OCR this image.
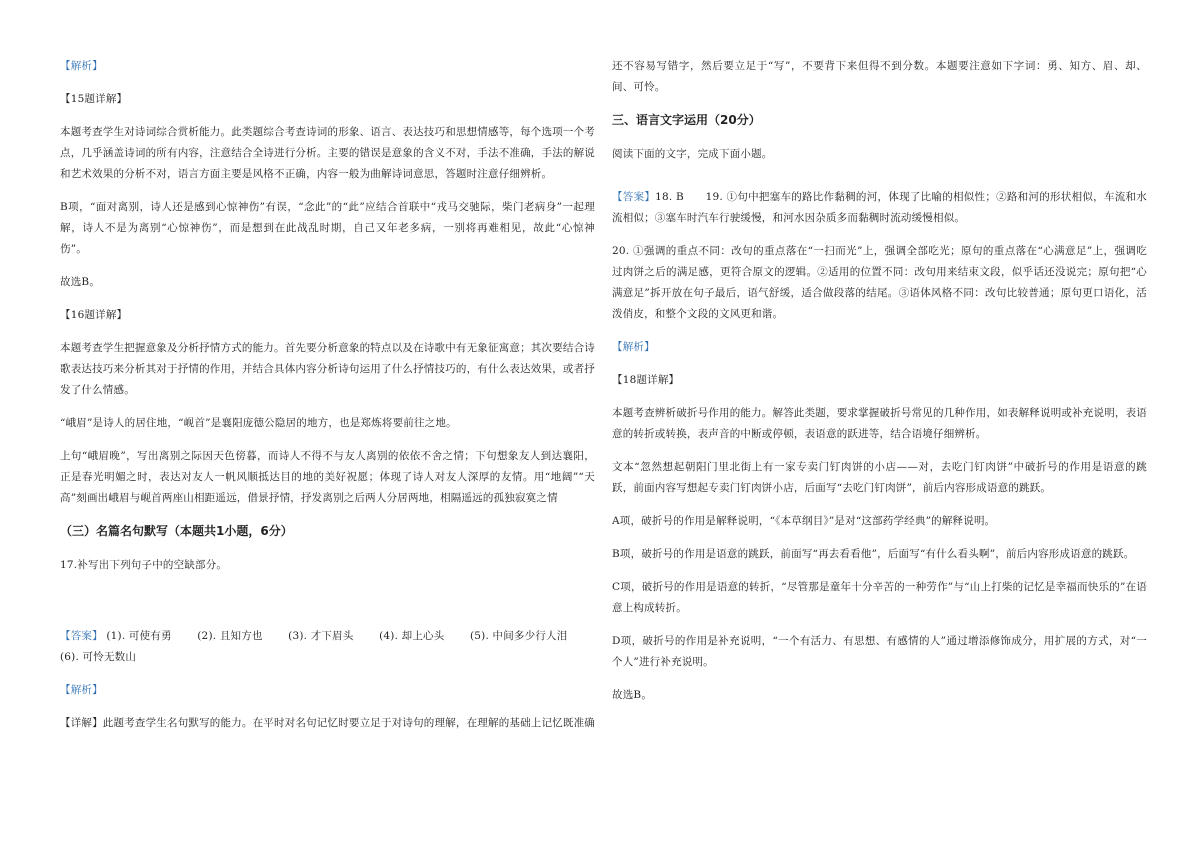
【解析】

【15题详解】

本题考查学生对诗词综合赏析能力。此类题综合考查诗词的形象、语言、表达技巧和思想情感等，每个选项一个考点，几乎涵盖诗词的所有内容，注意结合全诗进行分析。主要的错误是意象的含义不对，手法不准确，手法的解说和艺术效果的分析不对，语言方面主要是风格不正确，内容一般为曲解诗词意思，答题时注意仔细辨析。

B项，“面对离别，诗人还是感到心惊神伤”有误，“念此”的“此”应结合首联中“戎马交驰际，柴门老病身”一起理解，诗人不是为离别“心惊神伤”，而是想到在此战乱时期，自己又年老多病，一别将再难相见，故此“心惊神伤”。

故选B。

【16题详解】

本题考查学生把握意象及分析抒情方式的能力。首先要分析意象的特点以及在诗歌中有无象征寓意；其次要结合诗歌表达技巧来分析其对于抒情的作用，并结合具体内容分析诗句运用了什么抒情技巧的，有什么表达效果，或者抒发了什么情感。

“峨眉”是诗人的居住地，“岘首”是襄阳庞德公隐居的地方，也是郑炼将要前往之地。

上句“峨眉晚”，写出离别之际因天色傍暮，而诗人不得不与友人离别的依依不舍之情；下句想象友人到达襄阳，正是春光明媚之时，表达对友人一帆风顺抵达目的地的美好祝愿；体现了诗人对友人深厚的友情。用“地阔”“天高”刻画出峨眉与岘首两座山相距遥远，借景抒情，抒发离别之后两人分居两地，相隔遥远的孤独寂寞之情

（三）名篇名句默写（本题共1小题，6分）

17.补写出下列句子中的空缺部分。

【答案】 (1). 可使有勇 (2). 且知方也 (3). 才下眉头 (4). 却上心头 (5). 中间多少行人泪
(6). 可怜无数山

【解析】

【详解】此题考查学生名句默写的能力。在平时对名句记忆时要立足于对诗句的理解，在理解的基础上记忆既准确

还不容易写错字，然后要立足于“写”，不要背下来但得不到分数。本题要注意如下字词：勇、知方、眉、却、间、可怜。

三、语言文字运用（20分）

阅读下面的文字，完成下面小题。

【答案】18. B　　19. ①句中把塞车的路比作黏稠的河，体现了比喻的相似性；②路和河的形状相似，车流和水流相似；③塞车时汽车行驶缓慢，和河水因杂质多而黏稠时流动缓慢相似。

20. ①强调的重点不同：改句的重点落在“一扫而光”上，强调全部吃光；原句的重点落在“心满意足”上，强调吃过肉饼之后的满足感，更符合原文的逻辑。②适用的位置不同：改句用来结束文段，似乎话还没说完；原句把“心满意足”拆开放在句子最后，语气舒缓，适合做段落的结尾。③语体风格不同：改句比较普通；原句更口语化，活泼俏皮，和整个文段的文风更和谐。

【解析】

【18题详解】

本题考查辨析破折号作用的能力。解答此类题，要求掌握破折号常见的几种作用，如表解释说明或补充说明，表语意的转折或转换，表声音的中断或停顿，表语意的跃进等，结合语境仔细辨析。

文本“忽然想起朝阳门里北街上有一家专卖门钉肉饼的小店——对，去吃门钉肉饼”中破折号的作用是语意的跳跃，前面内容写想起专卖门钉肉饼小店，后面写“去吃门钉肉饼”，前后内容形成语意的跳跃。

A项，破折号的作用是解释说明，“《本草纲目》”是对“这部药学经典”的解释说明。

B项，破折号的作用是语意的跳跃，前面写“再去看看他”，后面写“有什么看头啊”，前后内容形成语意的跳跃。

C项，破折号的作用是语意的转折，“尽管那是童年十分辛苦的一种劳作”与“山上打柴的记忆是幸福而快乐的”在语意上构成转折。

D项，破折号的作用是补充说明，“一个有活力、有思想、有感情的人”通过增添修饰成分，用扩展的方式，对“一个人”进行补充说明。

故选B。
